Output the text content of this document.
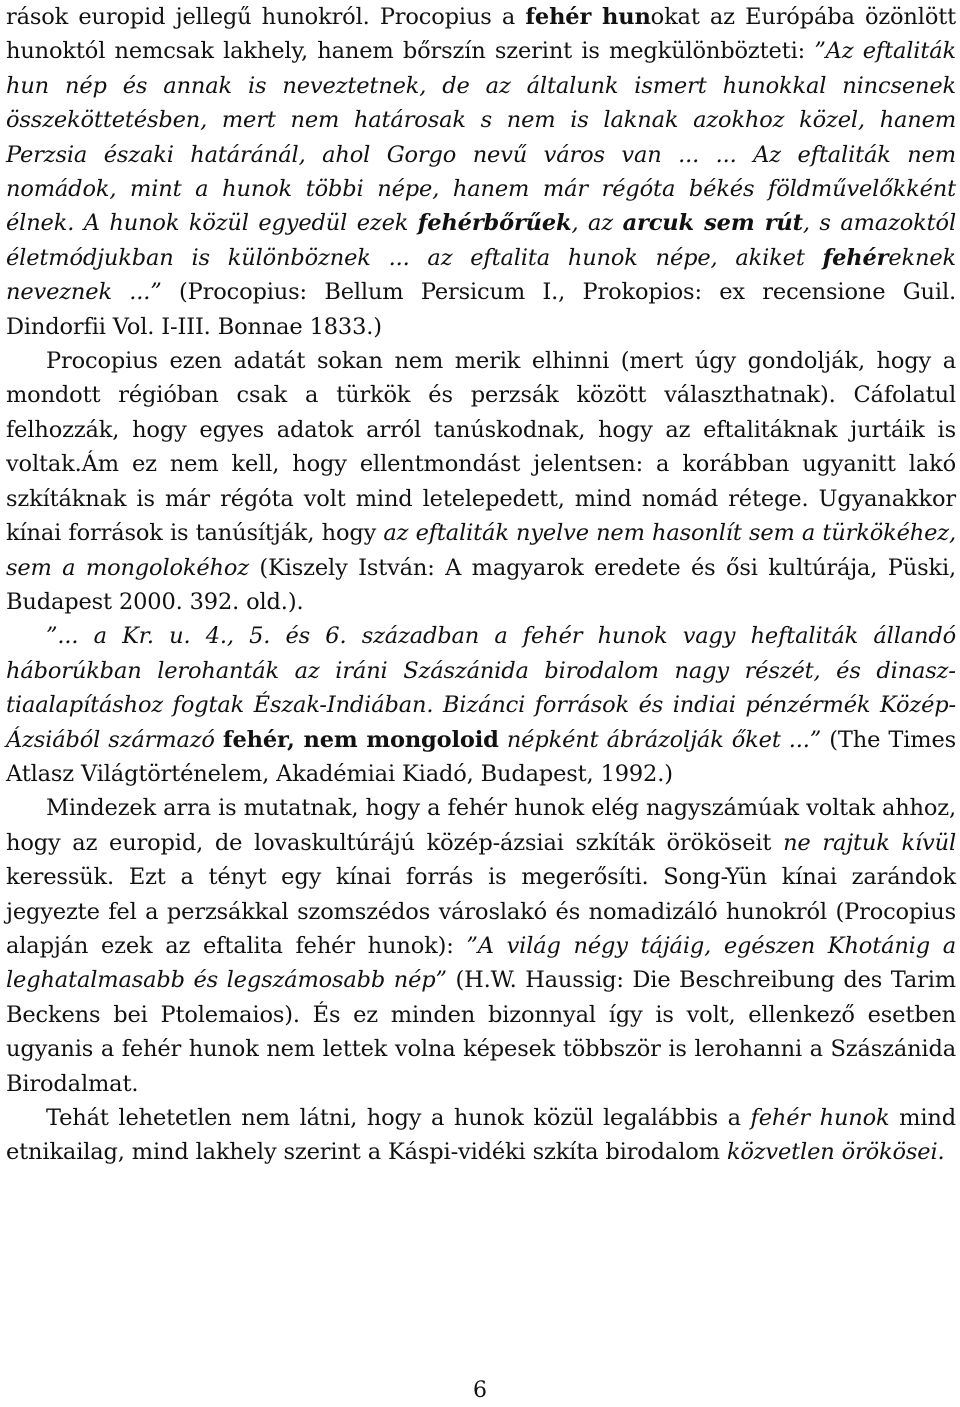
rások europid jellegű hunokról. Procopius a fehér hunokat az Európába özönlött hunoktól nemcsak lakhely, hanem bőrszín szerint is megkülönbözteti: ”Az eftaliták hun nép és annak is neveztetnek, de az általunk ismert hunokkal nincsenek összeköttetésben, mert nem határosak s nem is laknak azokhoz közel, hanem Perzsia északi határánál, ahol Gorgo nevű város van ... ... Az eftaliták nem nomádok, mint a hunok többi népe, hanem már régóta békés földművelőkként élnek. A hunok közül egyedül ezek fehérbőrűek, az arcuk sem rút, s amazoktól életmódjukban is különböznek ... az eftalita hunok népe, akiket fehéreknek neveznek ...” (Procopius: Bellum Persicum I., Prokopios: ex recensione Guil. Dindorfii Vol. I-III. Bonnae 1833.)

Procopius ezen adatát sokan nem merik elhinni (mert úgy gondolják, hogy a mondott régióban csak a türkök és perzsák között választhatnak). Cáfolatul felhozzák, hogy egyes adatok arról tanúskodnak, hogy az eftalitáknak jurtáik is voltak.Ám ez nem kell, hogy ellentmondást jelentsen: a korábban ugyanitt lakó szkítáknak is már régóta volt mind letelepedett, mind nomád rétege. Ugyanakkor kínai források is tanúsítják, hogy az eftaliták nyelve nem hasonlít sem a türkökéhez, sem a mongolokéhoz (Kiszely István: A magyarok eredete és ősi kultúrája, Püski, Budapest 2000. 392. old.).

”... a Kr. u. 4., 5. és 6. században a fehér hunok vagy heftaliták állandó háborúkban lerohanták az iráni Szászánida birodalom nagy részét, és dinasztiaalapításhoz fogtak Észak-Indiában. Bizánci források és indiai pénzérmék Közép-Ázsiából származó fehér, nem mongoloid népként ábrázolják őket ...” (The Times Atlasz Világtörténelem, Akadémiai Kiadó, Budapest, 1992.)

Mindezek arra is mutatnak, hogy a fehér hunok elég nagyszámúak voltak ahhoz, hogy az europid, de lovaskultúrájú közép-ázsiai szkíták örököseit ne rajtuk kívül keressük. Ezt a tényt egy kínai forrás is megerősíti. Song-Yün kínai zarándok jegyezte fel a perzsákkal szomszédos városlakó és nomadizáló hunokról (Procopius alapján ezek az eftalita fehér hunok): ”A világ négy tájáig, egészen Khotánig a leghatalmasabb és legszámosabb nép” (H.W. Haussig: Die Beschreibung des Tarim Beckens bei Ptolemaios). És ez minden bizonnyal így is volt, ellenkező esetben ugyanis a fehér hunok nem lettek volna képesek többször is lerohanni a Szászánida Birodalmat.

Tehát lehetetlen nem látni, hogy a hunok közül legalábbis a fehér hunok mind etnikailag, mind lakhely szerint a Káspi-vidéki szkíta birodalom közvetlen örökösei.

6
